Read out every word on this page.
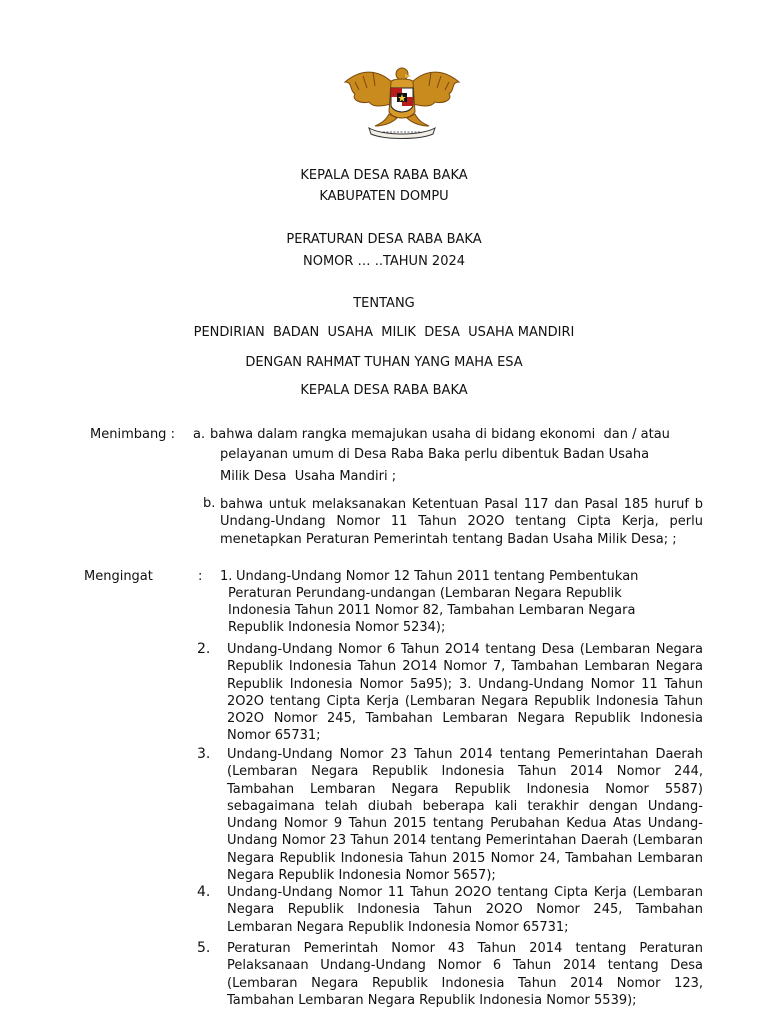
KEPALA DESA RABA BAKA
KABUPATEN DOMPU
PERATURAN DESA RABA BAKA
NOMOR … ..TAHUN 2024
TENTANG
PENDIRIAN  BADAN  USAHA  MILIK  DESA  USAHA MANDIRI
DENGAN RAHMAT TUHAN YANG MAHA ESA
KEPALA DESA RABA BAKA
Menimbang : a. bahwa dalam rangka memajukan usaha di bidang ekonomi  dan / atau
pelayanan umum di Desa Raba Baka perlu dibentuk Badan Usaha
Milik Desa  Usaha Mandiri ;
b. bahwa untuk melaksanakan Ketentuan Pasal 117 dan Pasal 185 huruf b Undang-Undang Nomor 11 Tahun 2O2O tentang Cipta Kerja, perlu menetapkan Peraturan Pemerintah tentang Badan Usaha Milik Desa; ;
Mengingat	: 1. Undang-Undang Nomor 12 Tahun 2011 tentang Pembentukan
Peraturan Perundang-undangan (Lembaran Negara Republik Indonesia Tahun 2011 Nomor 82, Tambahan Lembaran Negara Republik Indonesia Nomor 5234);
2. Undang-Undang Nomor 6 Tahun 2O14 tentang Desa (Lembaran Negara Republik Indonesia Tahun 2O14 Nomor 7, Tambahan Lembaran Negara Republik Indonesia Nomor 5a95); 3. Undang-Undang Nomor 11 Tahun 2O2O tentang Cipta Kerja (Lembaran Negara Republik Indonesia Tahun 2O2O Nomor 245, Tambahan Lembaran Negara Republik Indonesia Nomor 65731;
3. Undang-Undang Nomor 23 Tahun 2014 tentang Pemerintahan Daerah (Lembaran Negara Republik Indonesia Tahun 2014 Nomor 244, Tambahan Lembaran Negara Republik Indonesia Nomor 5587) sebagaimana telah diubah beberapa kali terakhir dengan Undang-Undang Nomor 9 Tahun 2015 tentang Perubahan Kedua Atas Undang-Undang Nomor 23 Tahun 2014 tentang Pemerintahan Daerah (Lembaran Negara Republik Indonesia Tahun 2015 Nomor 24, Tambahan Lembaran Negara Republik Indonesia Nomor 5657);
4. Undang-Undang Nomor 11 Tahun 2O2O tentang Cipta Kerja (Lembaran Negara Republik Indonesia Tahun 2O2O Nomor 245, Tambahan Lembaran Negara Republik Indonesia Nomor 65731;
5. Peraturan Pemerintah Nomor 43 Tahun 2014 tentang Peraturan Pelaksanaan Undang-Undang Nomor 6 Tahun 2014 tentang Desa (Lembaran Negara Republik Indonesia Tahun 2014 Nomor 123, Tambahan Lembaran Negara Republik Indonesia Nomor 5539);
